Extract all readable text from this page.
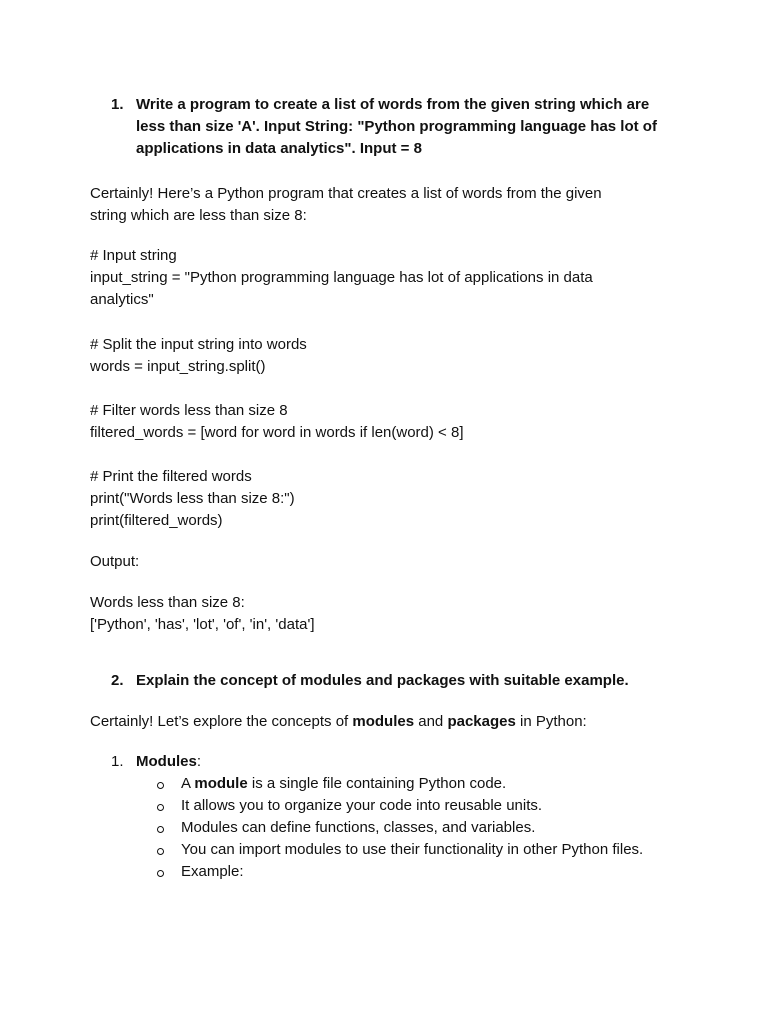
1. Write a program to create a list of words from the given string which are
less than size 'A'. Input String: "Python programming language has lot of
applications in data analytics". Input = 8
Certainly! Here’s a Python program that creates a list of words from the given
string which are less than size 8:
# Input string
input_string = "Python programming language has lot of applications in data
analytics"
# Split the input string into words
words = input_string.split()
# Filter words less than size 8
filtered_words = [word for word in words if len(word) < 8]
# Print the filtered words
print("Words less than size 8:")
print(filtered_words)
Output:
Words less than size 8:
['Python', 'has', 'lot', 'of', 'in', 'data']
2. Explain the concept of modules and packages with suitable example.
Certainly! Let’s explore the concepts of modules and packages in Python:
1. Modules:
A module is a single file containing Python code.
It allows you to organize your code into reusable units.
Modules can define functions, classes, and variables.
You can import modules to use their functionality in other Python files.
Example:
